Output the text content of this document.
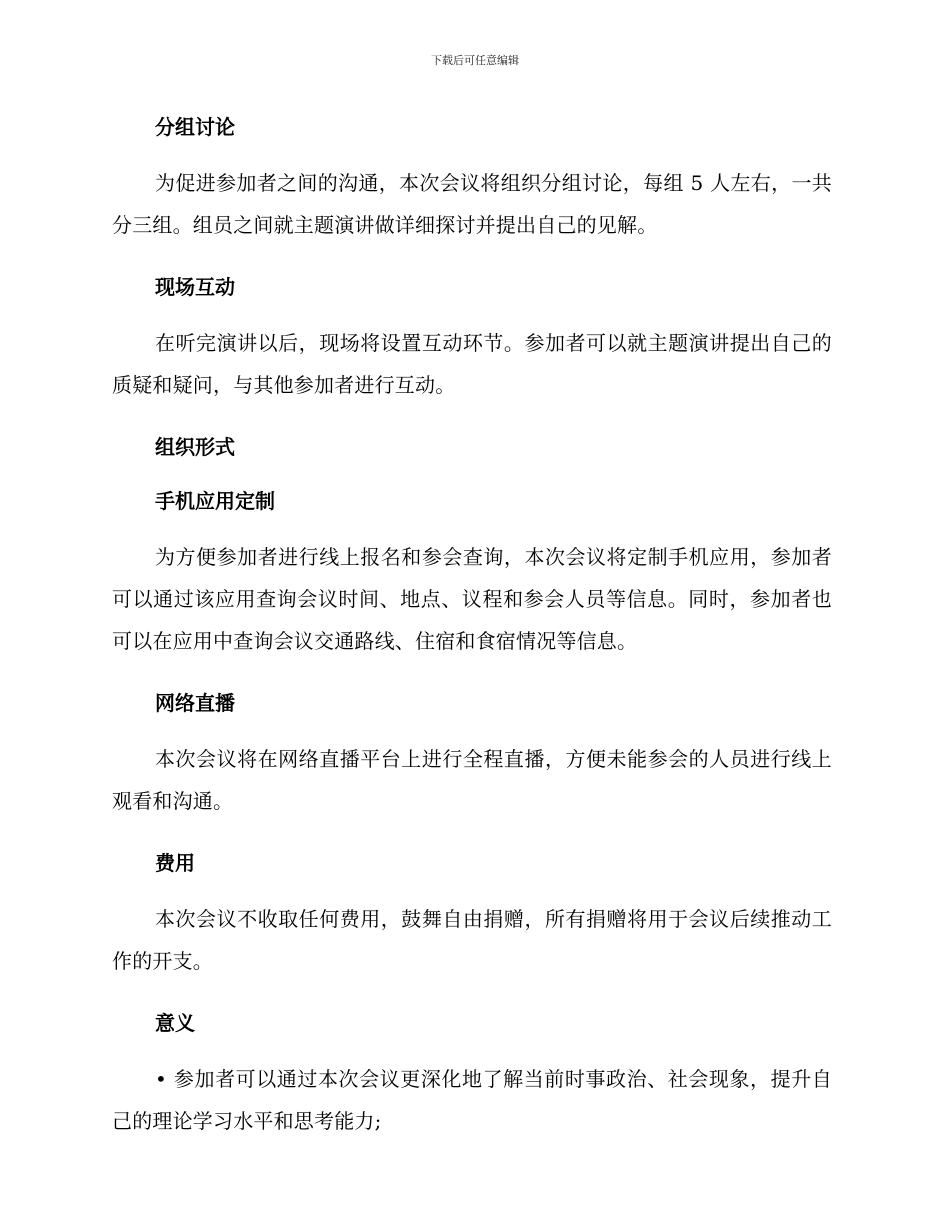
下载后可任意编辑
分组讨论

为促进参加者之间的沟通，本次会议将组织分组讨论，每组 5 人左右，一共分三组。组员之间就主题演讲做详细探讨并提出自己的见解。

现场互动

在听完演讲以后，现场将设置互动环节。参加者可以就主题演讲提出自己的质疑和疑问，与其他参加者进行互动。

组织形式
手机应用定制

为方便参加者进行线上报名和参会查询，本次会议将定制手机应用，参加者可以通过该应用查询会议时间、地点、议程和参会人员等信息。同时，参加者也可以在应用中查询会议交通路线、住宿和食宿情况等信息。

网络直播

本次会议将在网络直播平台上进行全程直播，方便未能参会的人员进行线上观看和沟通。

费用

本次会议不收取任何费用，鼓舞自由捐赠，所有捐赠将用于会议后续推动工作的开支。

意义

• 参加者可以通过本次会议更深化地了解当前时事政治、社会现象，提升自己的理论学习水平和思考能力;
